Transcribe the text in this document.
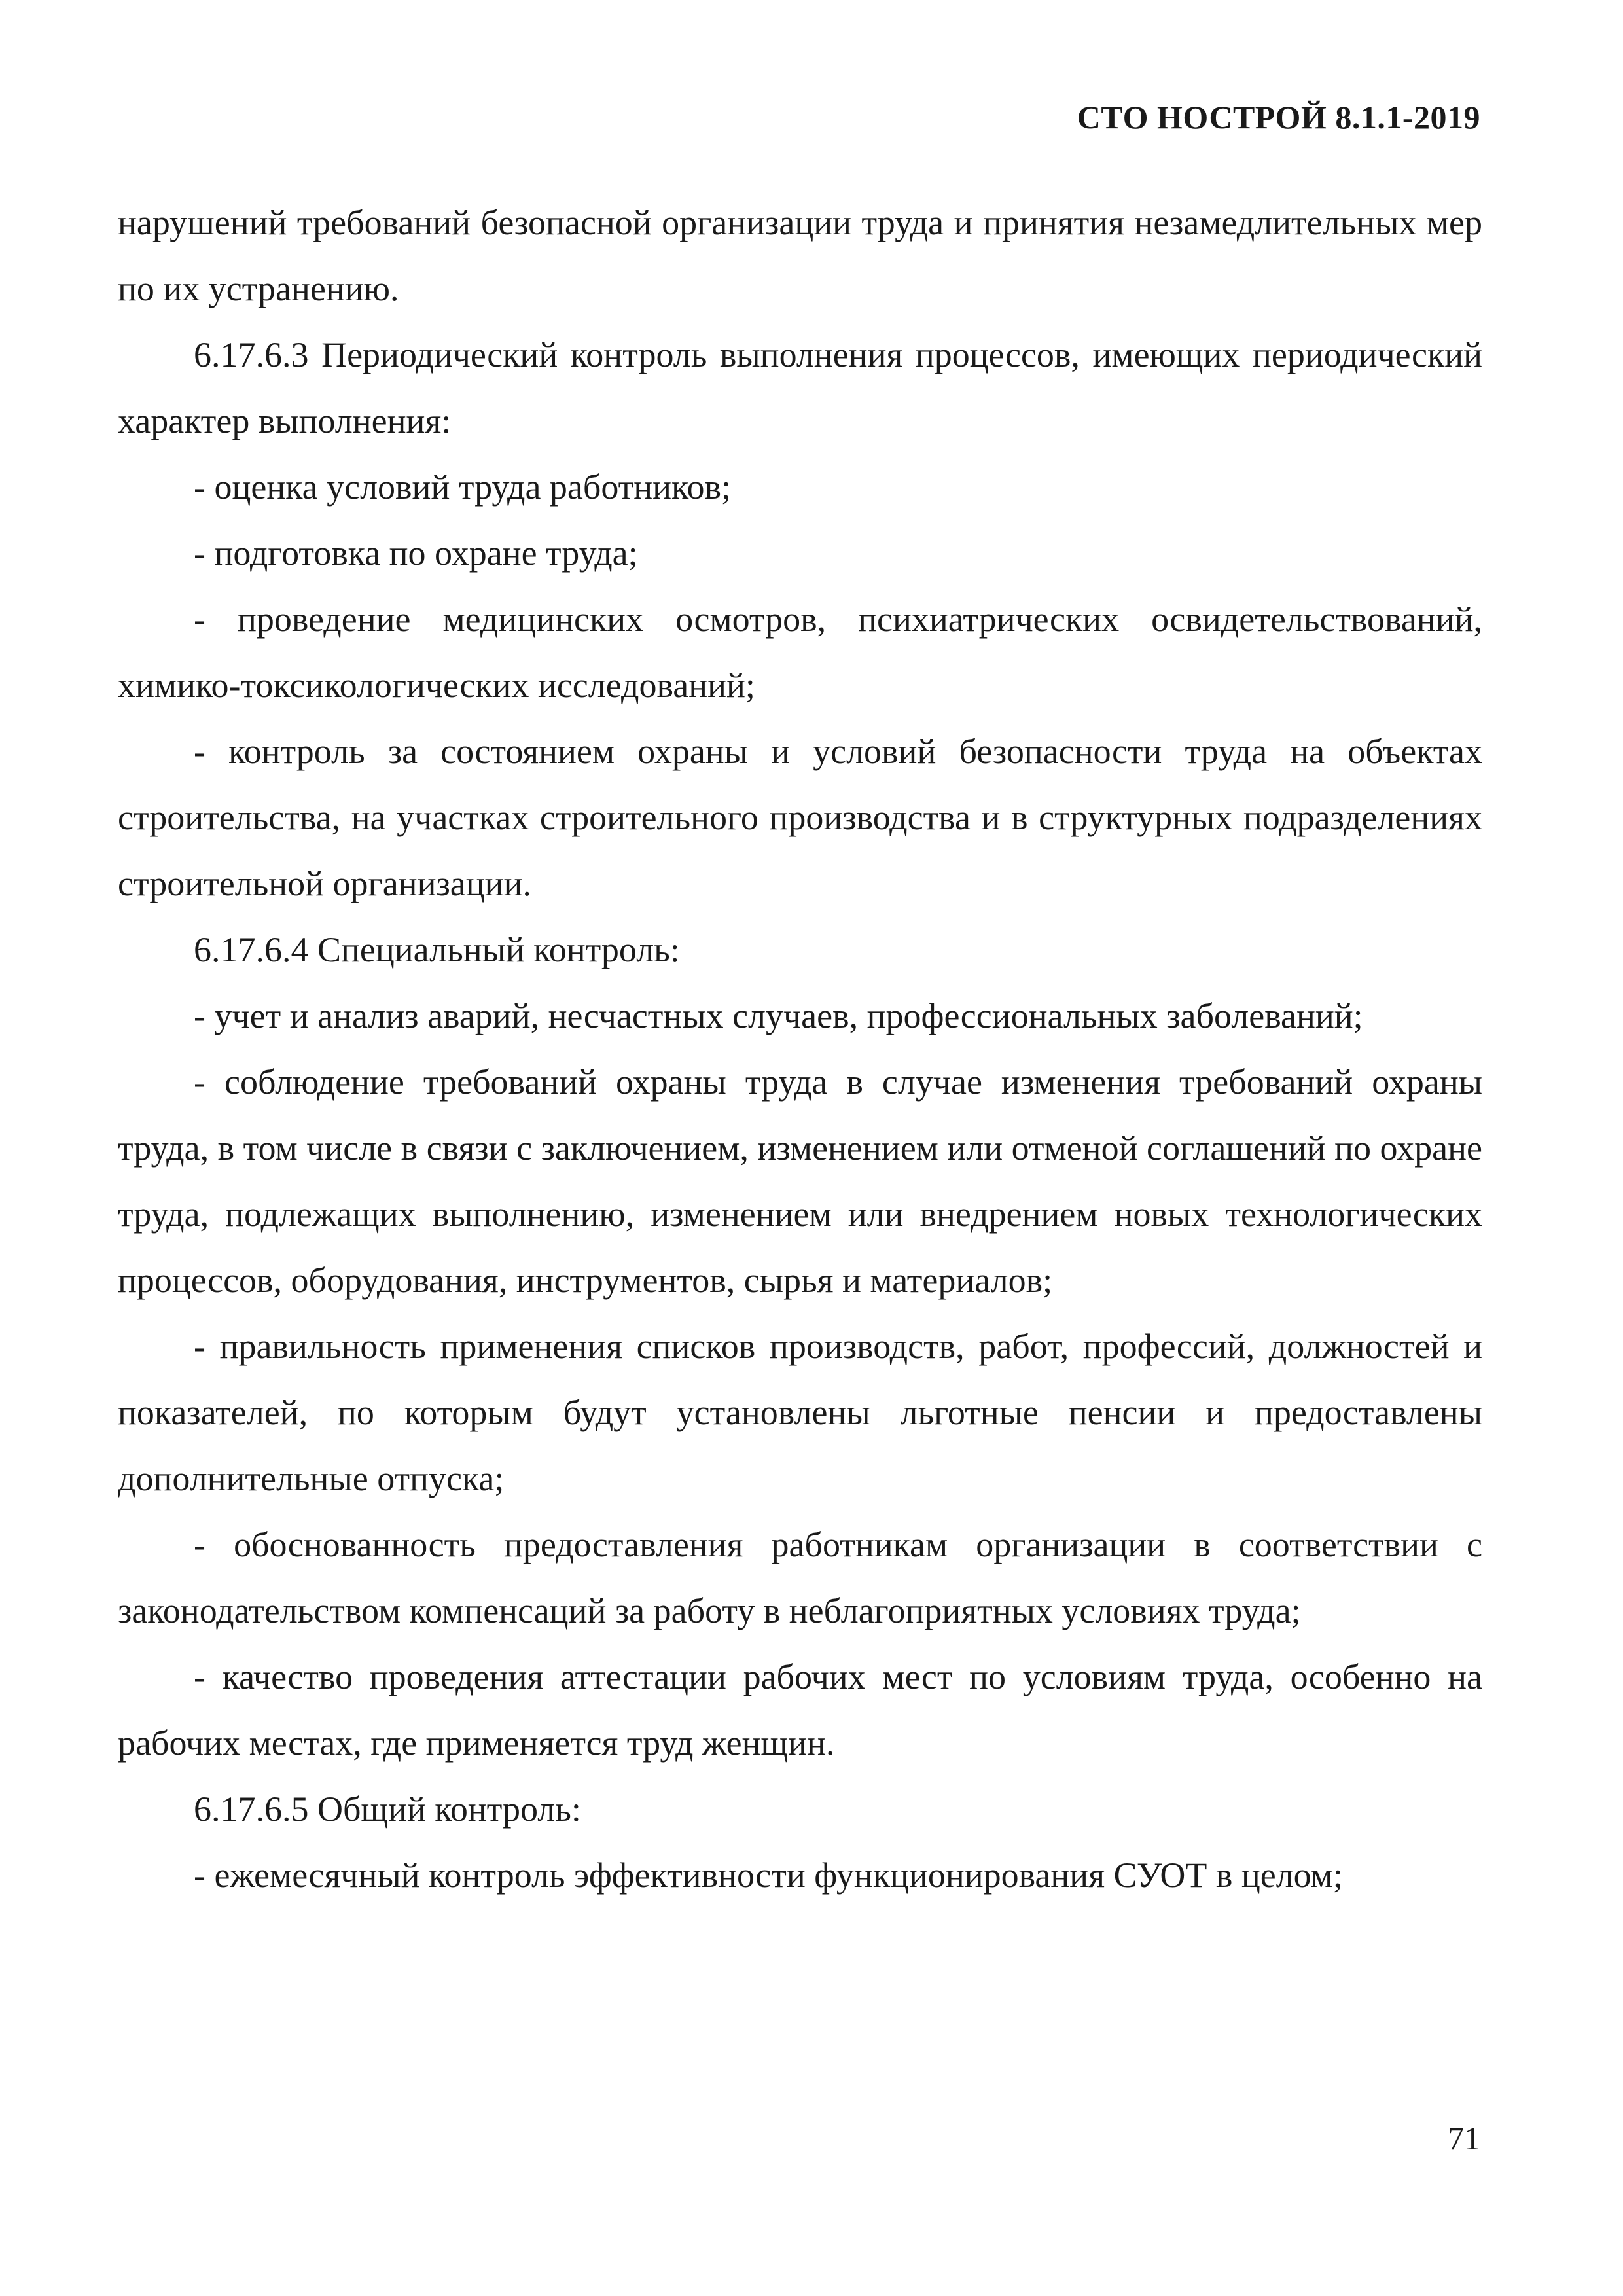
СТО НОСТРОЙ 8.1.1-2019

нарушений требований безопасной организации труда и принятия незамедлительных мер по их устранению.

6.17.6.3 Периодический контроль выполнения процессов, имеющих периодический характер выполнения:

- оценка условий труда работников;

- подготовка по охране труда;

- проведение медицинских осмотров, психиатрических освидетельствований, химико-токсикологических исследований;

- контроль за состоянием охраны и условий безопасности труда на объектах строительства, на участках строительного производства и в структурных подразделениях строительной организации.

6.17.6.4 Специальный контроль:

- учет и анализ аварий, несчастных случаев, профессиональных заболеваний;

- соблюдение требований охраны труда в случае изменения требований охраны труда, в том числе в связи с заключением, изменением или отменой соглашений по охране труда, подлежащих выполнению, изменением или внедрением новых технологических процессов, оборудования, инструментов, сырья и материалов;

- правильность применения списков производств, работ, профессий, должностей и показателей, по которым будут установлены льготные пенсии и предоставлены дополнительные отпуска;

- обоснованность предоставления работникам организации в соответствии с законодательством компенсаций за работу в неблагоприятных условиях труда;

- качество проведения аттестации рабочих мест по условиям труда, особенно на рабочих местах, где применяется труд женщин.

6.17.6.5 Общий контроль:

- ежемесячный контроль эффективности функционирования СУОТ в целом;

71
